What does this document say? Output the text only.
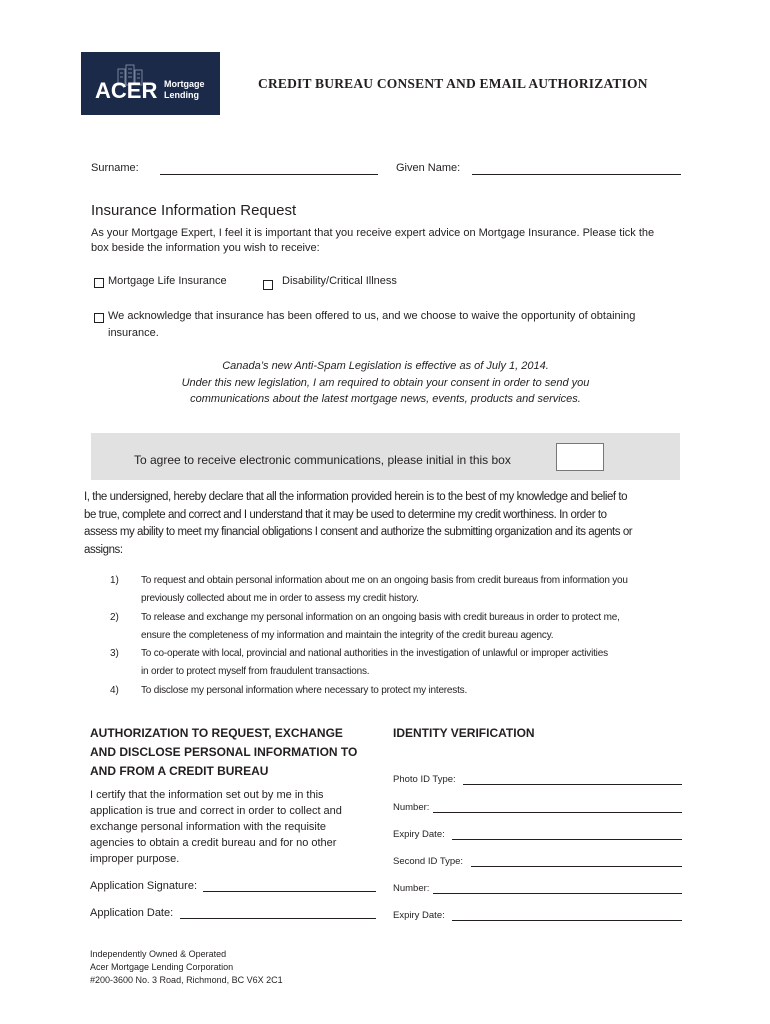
ACER Mortgage
Lending
CREDIT BUREAU CONSENT AND EMAIL AUTHORIZATION
Surname:	Given Name:
Insurance Information Request
As your Mortgage Expert, I feel it is important that you receive expert advice on Mortgage Insurance. Please tick the
box beside the information you wish to receive:
Mortgage Life Insurance	Disability/Critical Illness
We acknowledge that insurance has been offered to us, and we choose to waive the opportunity of obtaining
insurance.
Canada’s new Anti-Spam Legislation is effective as of July 1, 2014.
Under this new legislation, I am required to obtain your consent in order to send you
communications about the latest mortgage news, events, products and services.
To agree to receive electronic communications, please initial in this box
I, the undersigned, hereby declare that all the information provided herein is to the best of my knowledge and belief to
be true, complete and correct and I understand that it may be used to determine my credit worthiness. In order to
assess my ability to meet my financial obligations I consent and authorize the submitting organization and its agents or
assigns:
1) To request and obtain personal information about me on an ongoing basis from credit bureaus from information you
previously collected about me in order to assess my credit history.
2) To release and exchange my personal information on an ongoing basis with credit bureaus in order to protect me,
ensure the completeness of my information and maintain the integrity of the credit bureau agency.
3) To co-operate with local, provincial and national authorities in the investigation of unlawful or improper activities
in order to protect myself from fraudulent transactions.
4) To disclose my personal information where necessary to protect my interests.
AUTHORIZATION TO REQUEST, EXCHANGE
AND DISCLOSE PERSONAL INFORMATION TO
AND FROM A CREDIT BUREAU
I certify that the information set out by me in this
application is true and correct in order to collect and
exchange personal information with the requisite
agencies to obtain a credit bureau and for no other
improper purpose.
Application Signature:
Application Date:
IDENTITY VERIFICATION
Photo ID Type:
Number:
Expiry Date:
Second ID Type:
Number:
Expiry Date:
Independently Owned & Operated
Acer Mortgage Lending Corporation
#200-3600 No. 3 Road, Richmond, BC V6X 2C1
